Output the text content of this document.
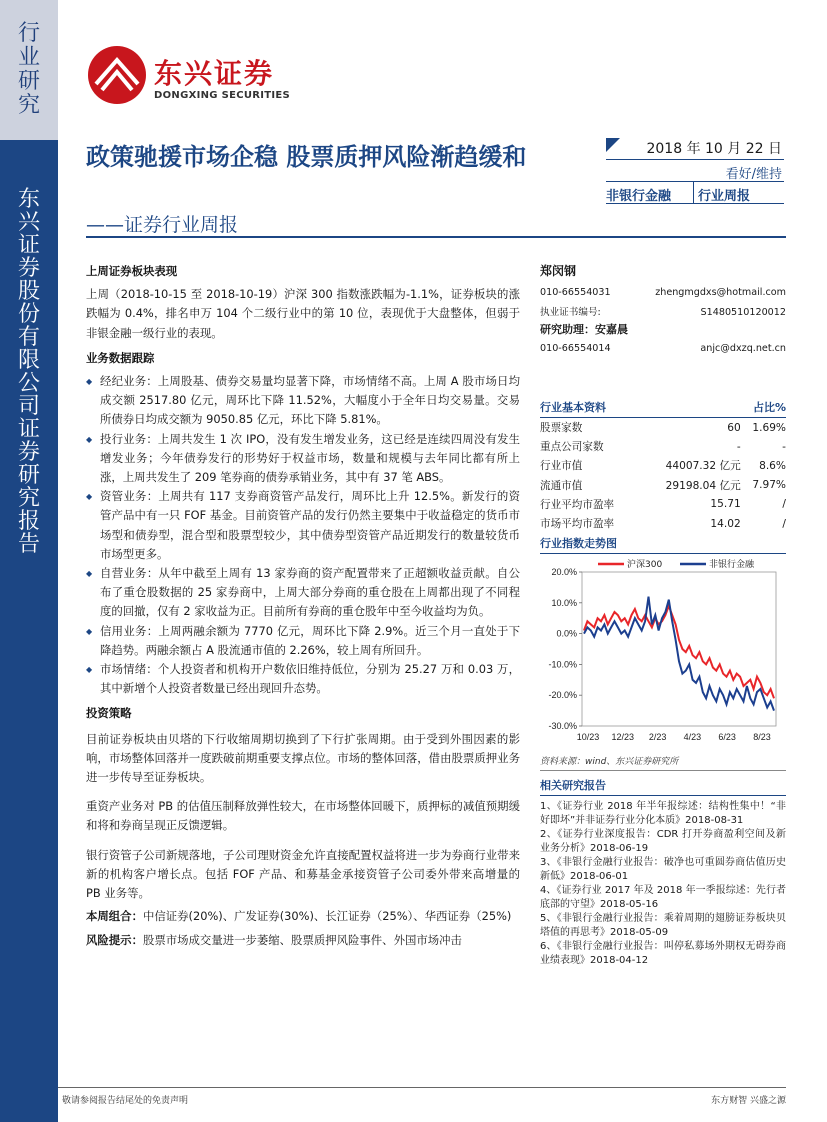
行业研究
东兴证券股份有限公司证券研究报告
东兴证券
DONGXING SECURITIES
政策驰援市场企稳 股票质押风险渐趋缓和
——证券行业周报
2018 年 10 月 22 日
看好/维持
非银行金融	行业周报
上周证券板块表现

上周（2018-10-15 至 2018-10-19）沪深 300 指数涨跌幅为-1.1%，证券板块的涨跌幅为 0.4%，排名申万 104 个二级行业中的第 10 位，表现优于大盘整体，但弱于非银金融一级行业的表现。

业务数据跟踪
◆ 经纪业务：上周股基、债券交易量均显著下降，市场情绪不高。上周 A 股市场日均成交额 2517.80 亿元，周环比下降 11.52%，大幅度小于全年日均交易量。交易所债券日均成交额为 9050.85 亿元，环比下降 5.81%。
◆ 投行业务：上周共发生 1 次 IPO，没有发生增发业务，这已经是连续四周没有发生增发业务；今年债券发行的形势好于权益市场，数量和规模与去年同比都有所上涨，上周共发生了 209 笔券商的债券承销业务，其中有 37 笔 ABS。
◆ 资管业务：上周共有 117 支券商资管产品发行，周环比上升 12.5%。新发行的资管产品中有一只 FOF 基金。目前资管产品的发行仍然主要集中于收益稳定的货币市场型和债券型，混合型和股票型较少，其中债券型资管产品近期发行的数量较货币市场型更多。
◆ 自营业务：从年中截至上周有 13 家券商的资产配置带来了正超额收益贡献。自公布了重仓股数据的 25 家券商中，上周大部分券商的重仓股在上周都出现了不同程度的回撤，仅有 2 家收益为正。目前所有券商的重仓股年中至今收益均为负。
◆ 信用业务：上周两融余额为 7770 亿元，周环比下降 2.9%。近三个月一直处于下降趋势。两融余额占 A 股流通市值的 2.26%，较上周有所回升。
◆ 市场情绪：个人投资者和机构开户数依旧维持低位，分别为 25.27 万和 0.03 万，其中新增个人投资者数量已经出现回升态势。
投资策略

目前证券板块由贝塔的下行收缩周期切换到了下行扩张周期。由于受到外围因素的影响，市场整体回落并一度跌破前期重要支撑点位。市场的整体回落，借由股票质押业务进一步传导至证券板块。

重资产业务对 PB 的估值压制释放弹性较大，在市场整体回暖下，质押标的减值预期缓和将和券商呈现正反馈逻辑。

银行资管子公司新规落地，子公司理财资金允许直接配置权益将进一步为券商行业带来新的机构客户增长点。包括 FOF 产品、和募基金承接资管子公司委外带来高增量的 PB 业务等。

本周组合：中信证券(20%)、广发证券(30%)、长江证券（25%）、华西证券（25%)

风险提示：股票市场成交量进一步萎缩、股票质押风险事件、外国市场冲击

郑闵钢
010-66554031	zhengmgdxs@hotmail.com
执业证书编号:	S1480510120012
研究助理：安嘉晨
010-66554014	anjc@dxzq.net.cn
行业基本资料	占比%
股票家数	60	1.69%
重点公司家数	-	-
行业市值	44007.32 亿元	8.6%
流通市值	29198.04 亿元	7.97%
行业平均市盈率	15.71	/
市场平均市盈率	14.02	/
行业指数走势图
20.0%
10.0%
0.0%
-10.0%
-20.0%
-30.0%
10/23 12/23 2/23 4/23 6/23 8/23
沪深300	非银行金融
资料来源：wind、东兴证券研究所
相关研究报告
1、《证券行业 2018 年半年报综述：结构性集中！“非好即坏”并非证券行业分化本质》2018-08-31
2、《证券行业深度报告：CDR 打开券商盈利空间及新业务分析》2018-06-19
3、《非银行金融行业报告：破净也可重圆券商估值历史新低》2018-06-01
4、《证券行业 2017 年及 2018 年一季报综述：先行者底部的守望》2018-05-16
5、《非银行金融行业报告：乘着周期的翅膀证券板块贝塔值的再思考》2018-05-09
6、《非银行金融行业报告：叫停私募场外期权无碍券商业绩表现》2018-04-12
敬请参阅报告结尾处的免责声明	东方财智 兴盛之源
